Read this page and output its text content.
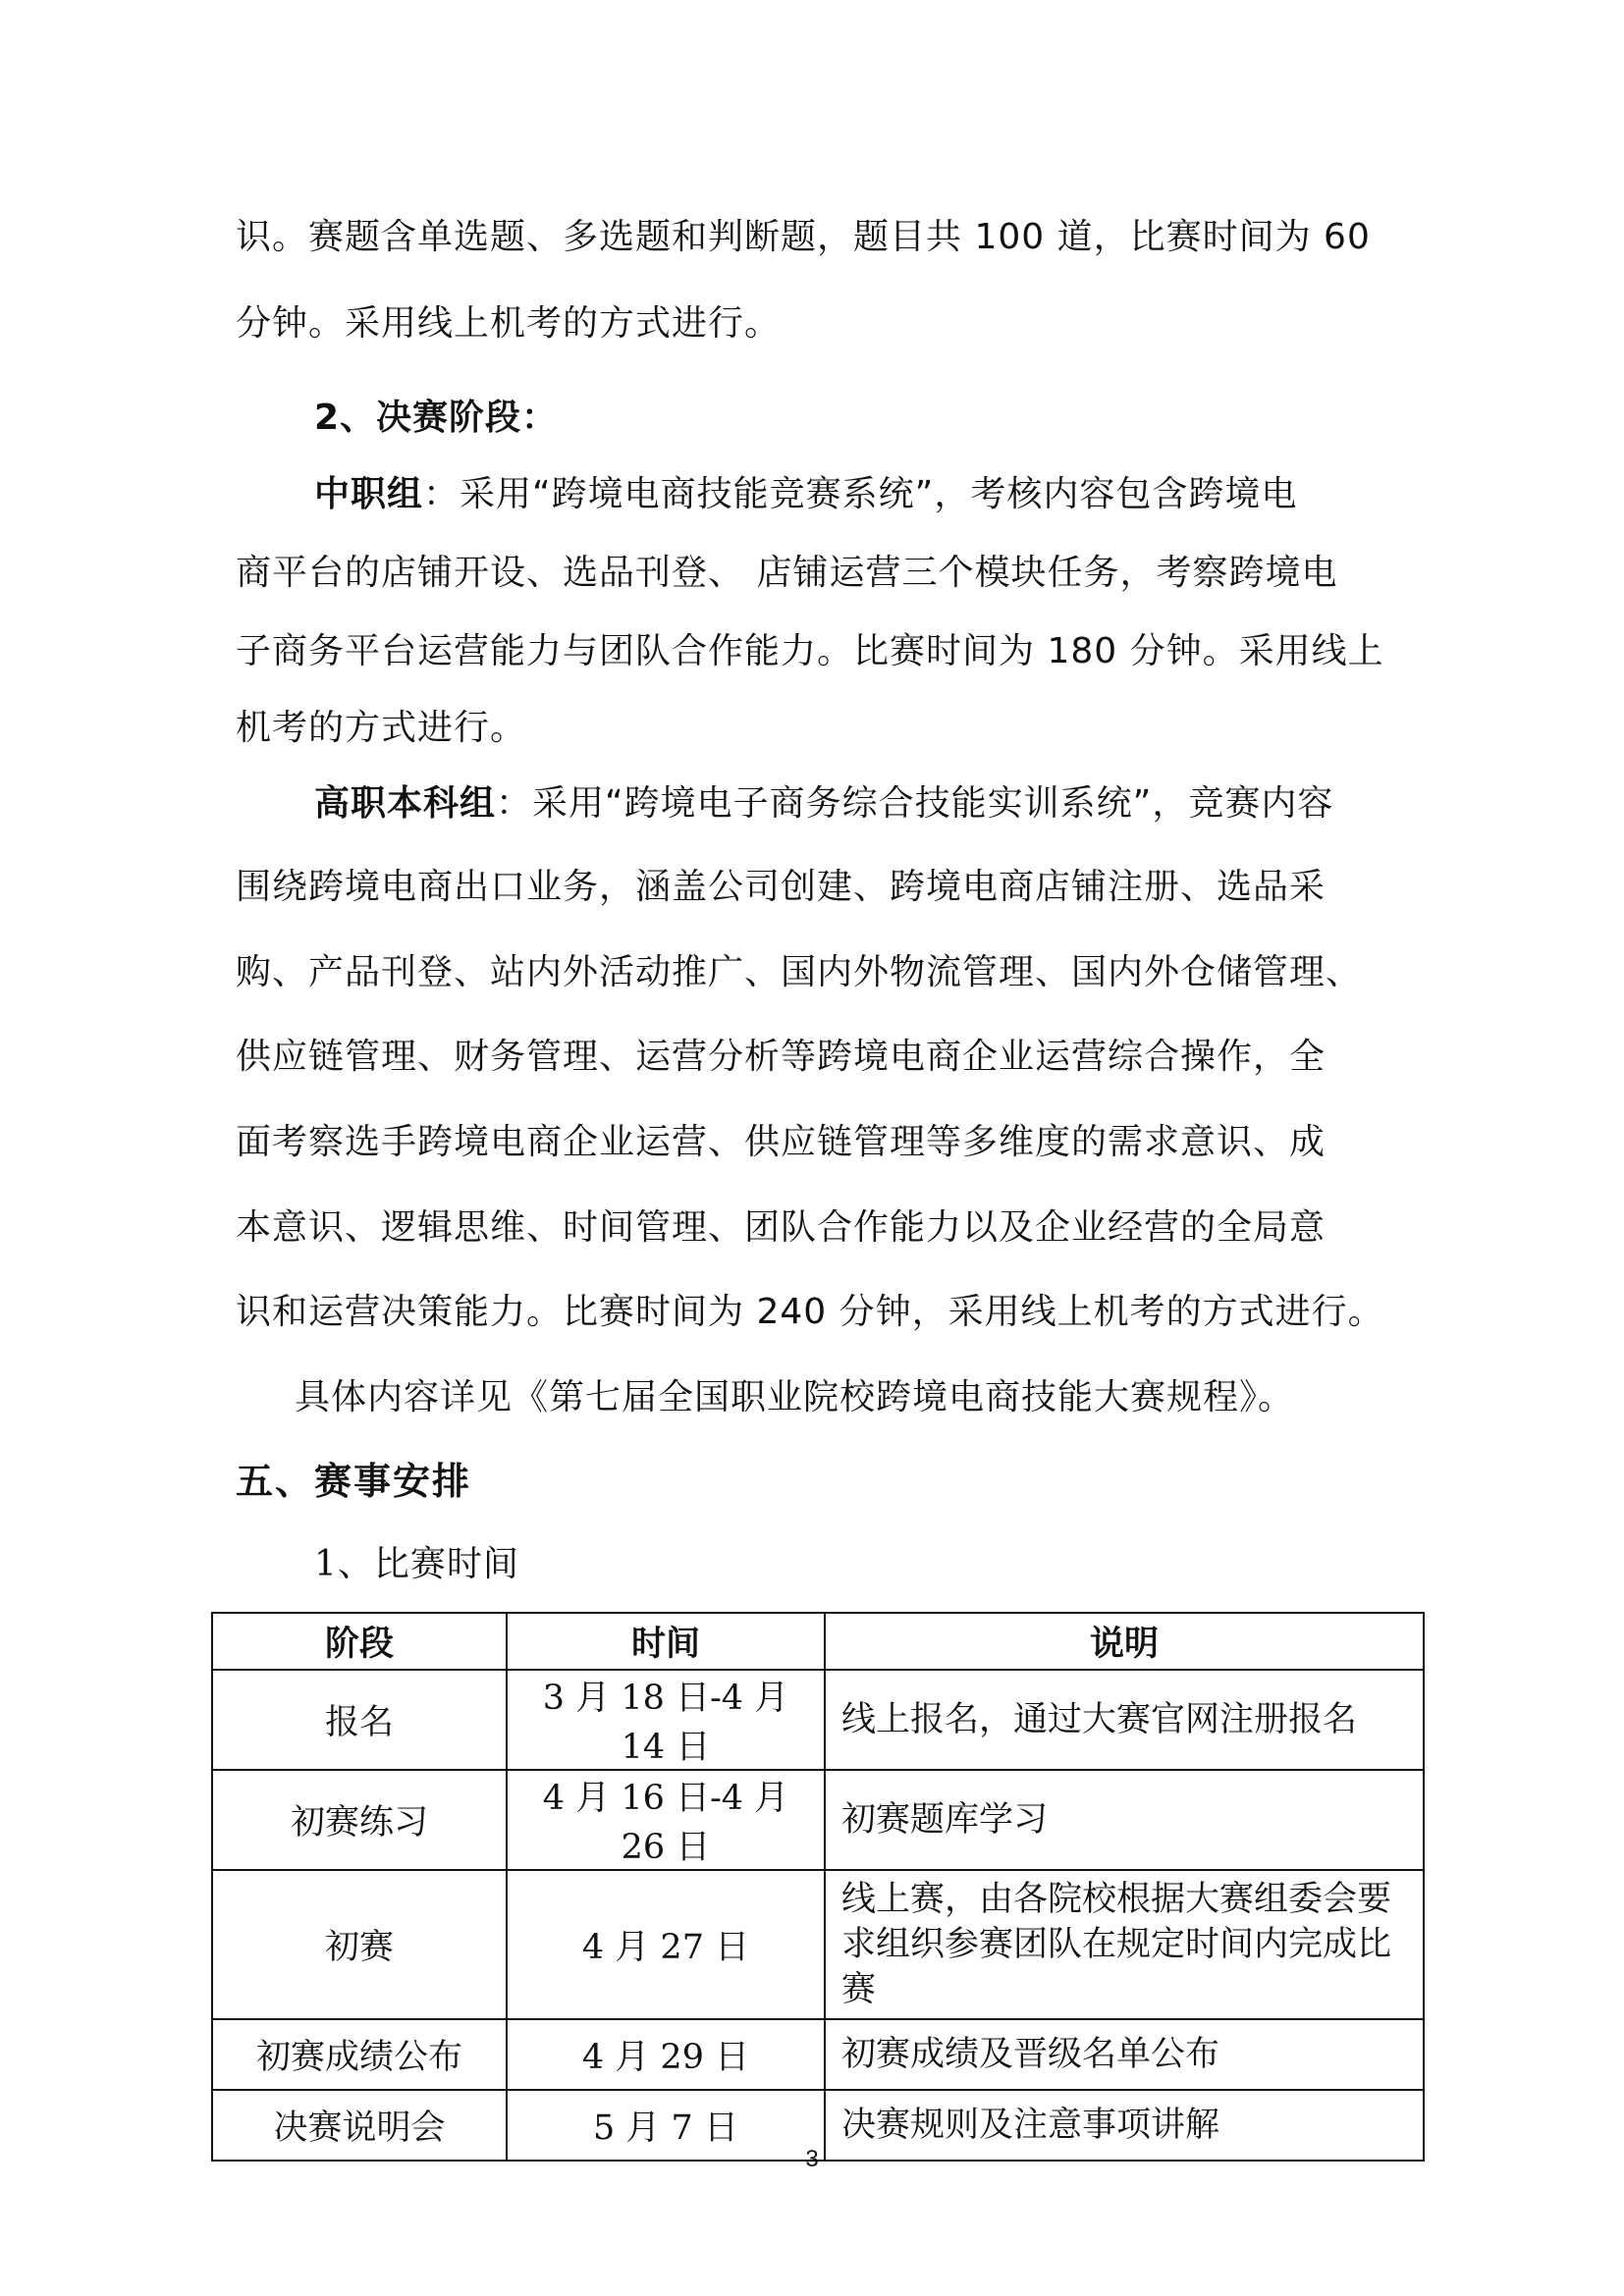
识。赛题含单选题、多选题和判断题，题目共 100 道，比赛时间为 60
分钟。采用线上机考的方式进行。
2、决赛阶段：
中职组：采用“跨境电商技能竞赛系统”，考核内容包含跨境电
商平台的店铺开设、选品刊登、 店铺运营三个模块任务，考察跨境电
子商务平台运营能力与团队合作能力。比赛时间为 180 分钟。采用线上
机考的方式进行。
高职本科组：采用“跨境电子商务综合技能实训系统”，竞赛内容
围绕跨境电商出口业务，涵盖公司创建、跨境电商店铺注册、选品采
购、产品刊登、站内外活动推广、国内外物流管理、国内外仓储管理、
供应链管理、财务管理、运营分析等跨境电商企业运营综合操作，全
面考察选手跨境电商企业运营、供应链管理等多维度的需求意识、成
本意识、逻辑思维、时间管理、团队合作能力以及企业经营的全局意
识和运营决策能力。比赛时间为 240 分钟，采用线上机考的方式进行。
具体内容详见《第七届全国职业院校跨境电商技能大赛规程》。
五、赛事安排
1、比赛时间
阶段	时间	说明
报名	3 月 18 日-4 月 14 日	线上报名，通过大赛官网注册报名
初赛练习	4 月 16 日-4 月 26 日	初赛题库学习
初赛	4 月 27 日	线上赛，由各院校根据大赛组委会要求组织参赛团队在规定时间内完成比赛
初赛成绩公布	4 月 29 日	初赛成绩及晋级名单公布
决赛说明会	5 月 7 日	决赛规则及注意事项讲解
3
